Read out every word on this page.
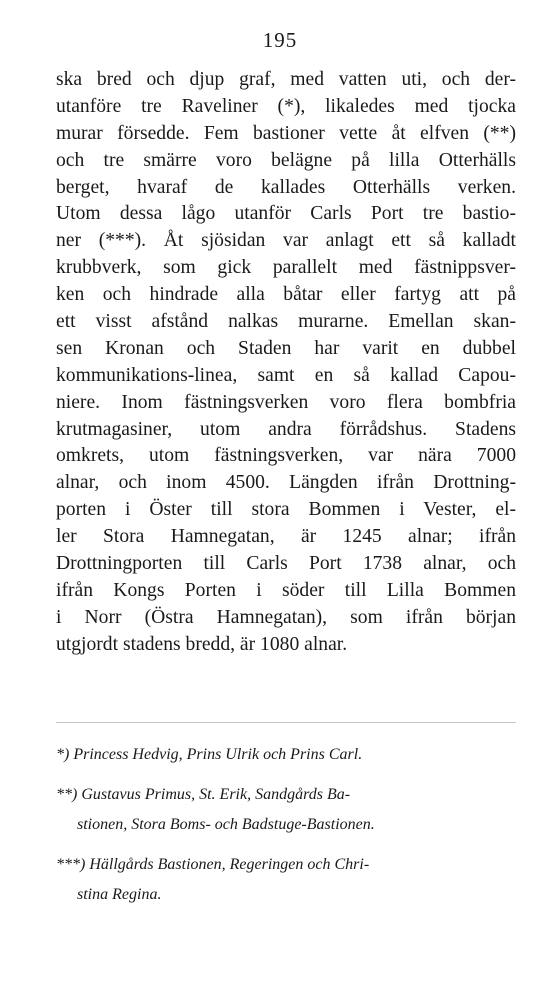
195
ska bred och djup graf, med vatten uti, och der-
utanföre tre Raveliner (*), likaledes med tjocka
murar försedde. Fem bastioner vette åt elfven (**)
och tre smärre voro belägne på lilla Otterhälls
berget, hvaraf de kallades Otterhälls verken.
Utom dessa lågo utanför Carls Port tre bastio-
ner (***). Åt sjösidan var anlagt ett så kalladt
krubbverk, som gick parallelt med fästnippsver-
ken och hindrade alla båtar eller fartyg att på
ett visst afstånd nalkas murarne. Emellan skan-
sen Kronan och Staden har varit en dubbel
kommunikations-linea, samt en så kallad Capou-
niere. Inom fästningsverken voro flera bombfria
krutmagasiner, utom andra förrådshus. Stadens
omkrets, utom fästningsverken, var nära 7000
alnar, och inom 4500. Längden ifrån Drottning-
porten i Öster till stora Bommen i Vester, el-
ler Stora Hamnegatan, är 1245 alnar; ifrån
Drottningporten till Carls Port 1738 alnar, och
ifrån Kongs Porten i söder till Lilla Bommen
i Norr (Östra Hamnegatan), som ifrån början
utgjordt stadens bredd, är 1080 alnar.
*) Princess Hedvig, Prins Ulrik och Prins Carl.
**) Gustavus Primus, St. Erik, Sandgårds Ba-
stionen, Stora Boms- och Badstuge-Bastionen.
***) Hällgårds Bastionen, Regeringen och Chri-
stina Regina.
